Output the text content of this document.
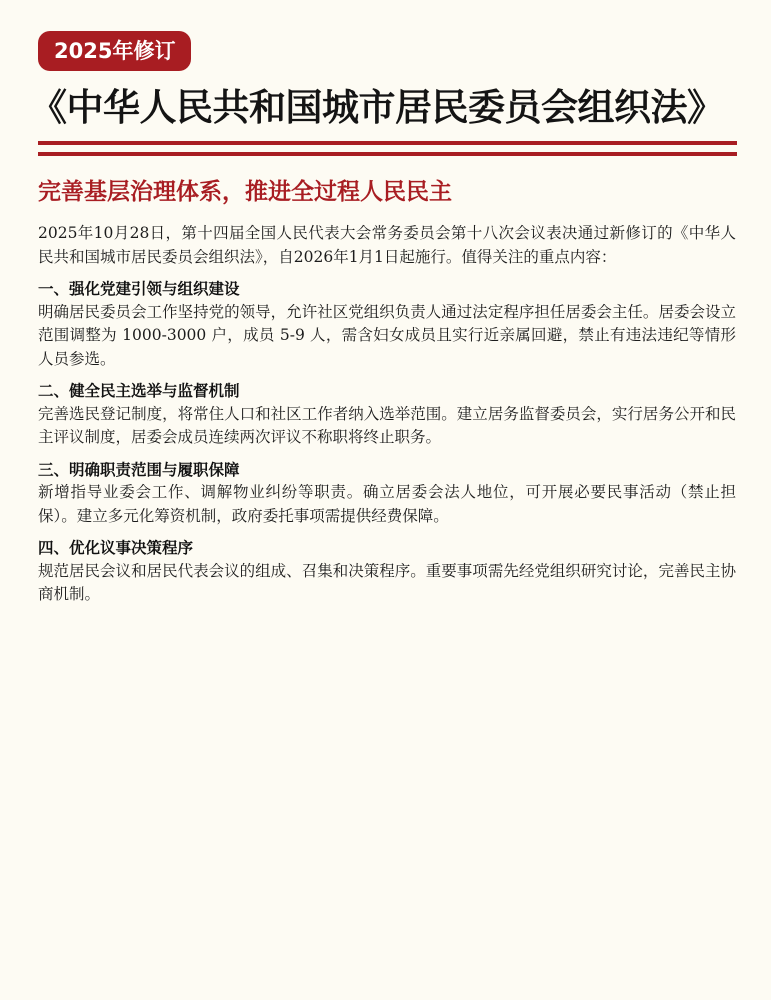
2025年修订
《中华人民共和国城市居民委员会组织法》
完善基层治理体系，推进全过程人民民主

2025年10月28日，第十四届全国人民代表大会常务委员会第十八次会议表决通过新修订的《中华人民共和国城市居民委员会组织法》，自2026年1月1日起施行。值得关注的重点内容：

一、强化党建引领与组织建设

明确居民委员会工作坚持党的领导，允许社区党组织负责人通过法定程序担任居委会主任。居委会设立范围调整为 1000-3000 户，成员 5-9 人，需含妇女成员且实行近亲属回避，禁止有违法违纪等情形人员参选。

二、健全民主选举与监督机制

完善选民登记制度，将常住人口和社区工作者纳入选举范围。建立居务监督委员会，实行居务公开和民主评议制度，居委会成员连续两次评议不称职将终止职务。

三、明确职责范围与履职保障

新增指导业委会工作、调解物业纠纷等职责。确立居委会法人地位，可开展必要民事活动（禁止担保）。建立多元化筹资机制，政府委托事项需提供经费保障。

四、优化议事决策程序

规范居民会议和居民代表会议的组成、召集和决策程序。重要事项需先经党组织研究讨论，完善民主协商机制。
